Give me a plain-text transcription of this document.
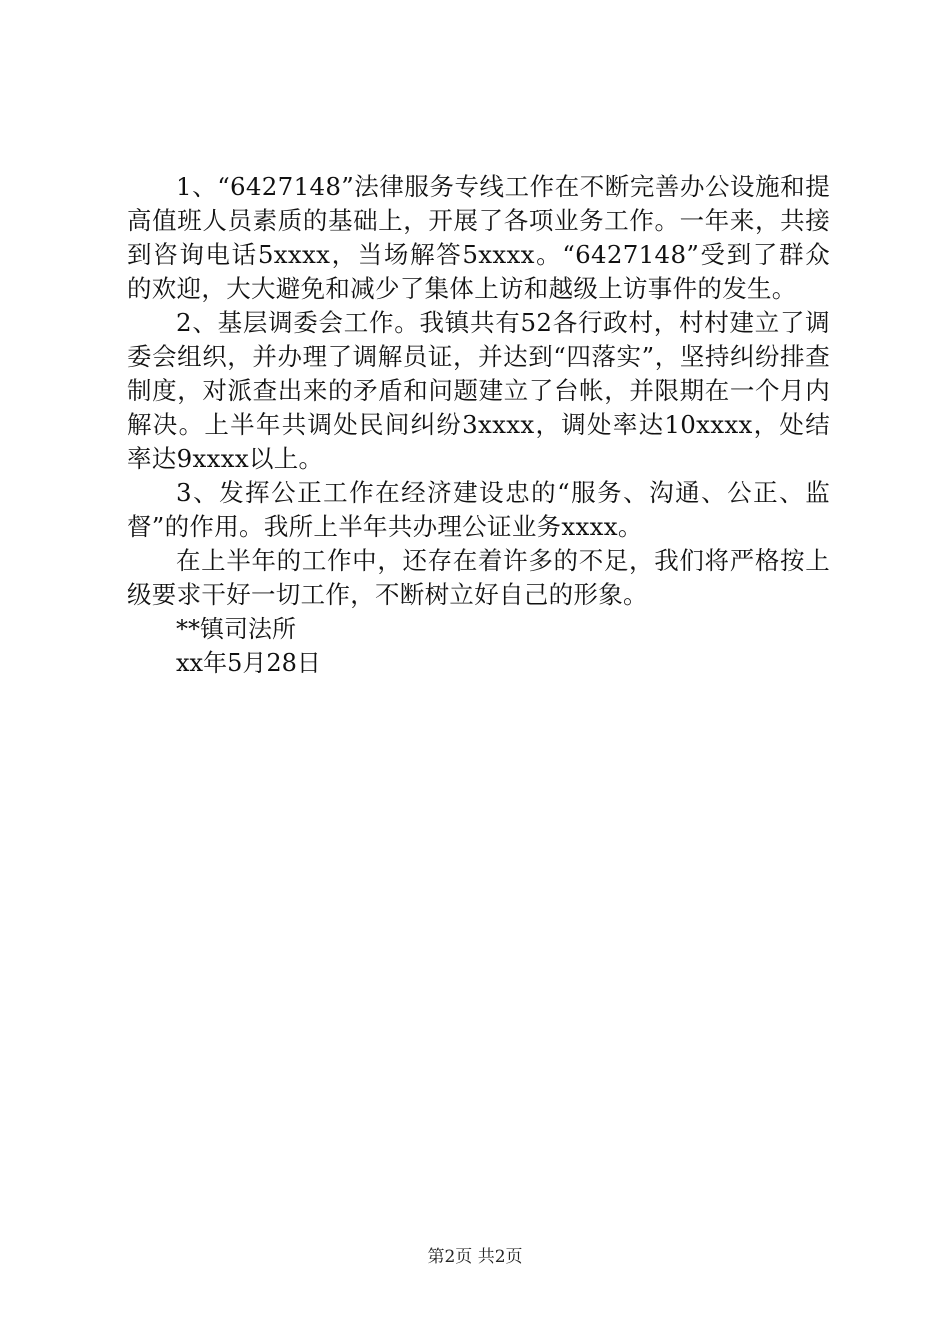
1、“6427148”法律服务专线工作在不断完善办公设施和提高值班人员素质的基础上，开展了各项业务工作。一年来，共接到咨询电话5xxxx，当场解答5xxxx。“6427148”受到了群众的欢迎，大大避免和减少了集体上访和越级上访事件的发生。

2、基层调委会工作。我镇共有52各行政村，村村建立了调委会组织，并办理了调解员证，并达到“四落实”，坚持纠纷排查制度，对派查出来的矛盾和问题建立了台帐，并限期在一个月内解决。上半年共调处民间纠纷3xxxx，调处率达10xxxx，处结率达9xxxx以上。

3、发挥公正工作在经济建设忠的“服务、沟通、公正、监督”的作用。我所上半年共办理公证业务xxxx。

在上半年的工作中，还存在着许多的不足，我们将严格按上级要求干好一切工作，不断树立好自己的形象。

**镇司法所

xx年5月28日

第2页 共2页
